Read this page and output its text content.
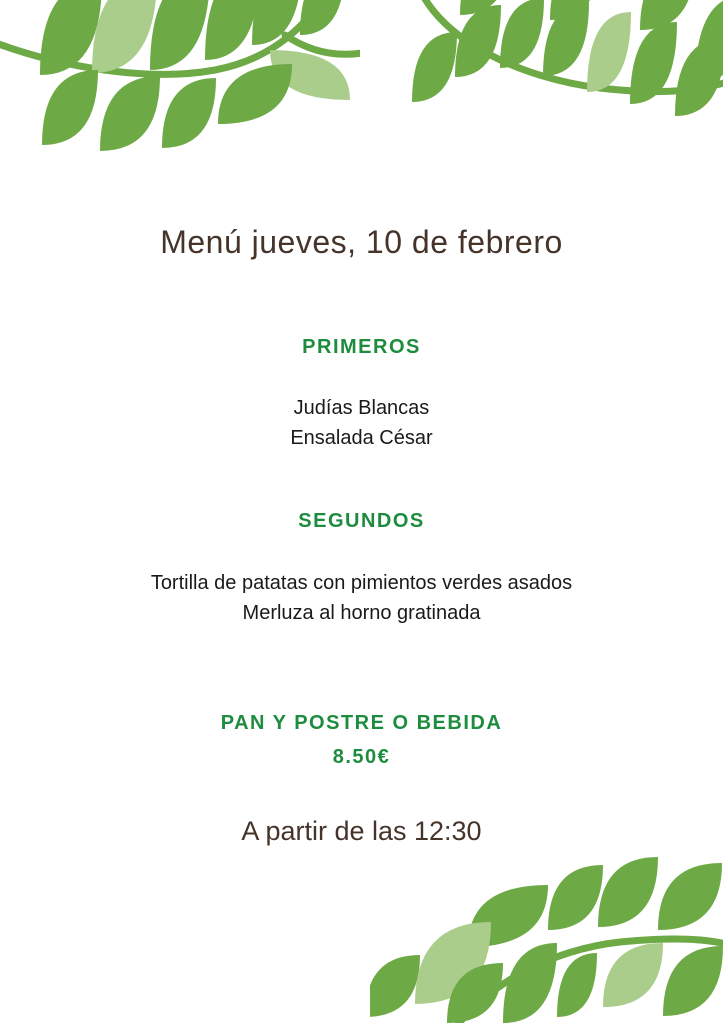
Menú jueves, 10 de febrero
PRIMEROS
Judías Blancas
Ensalada César
SEGUNDOS
Tortilla de patatas con pimientos verdes asados
Merluza al horno gratinada
PAN Y POSTRE O BEBIDA
8.50€
A partir de las 12:30
